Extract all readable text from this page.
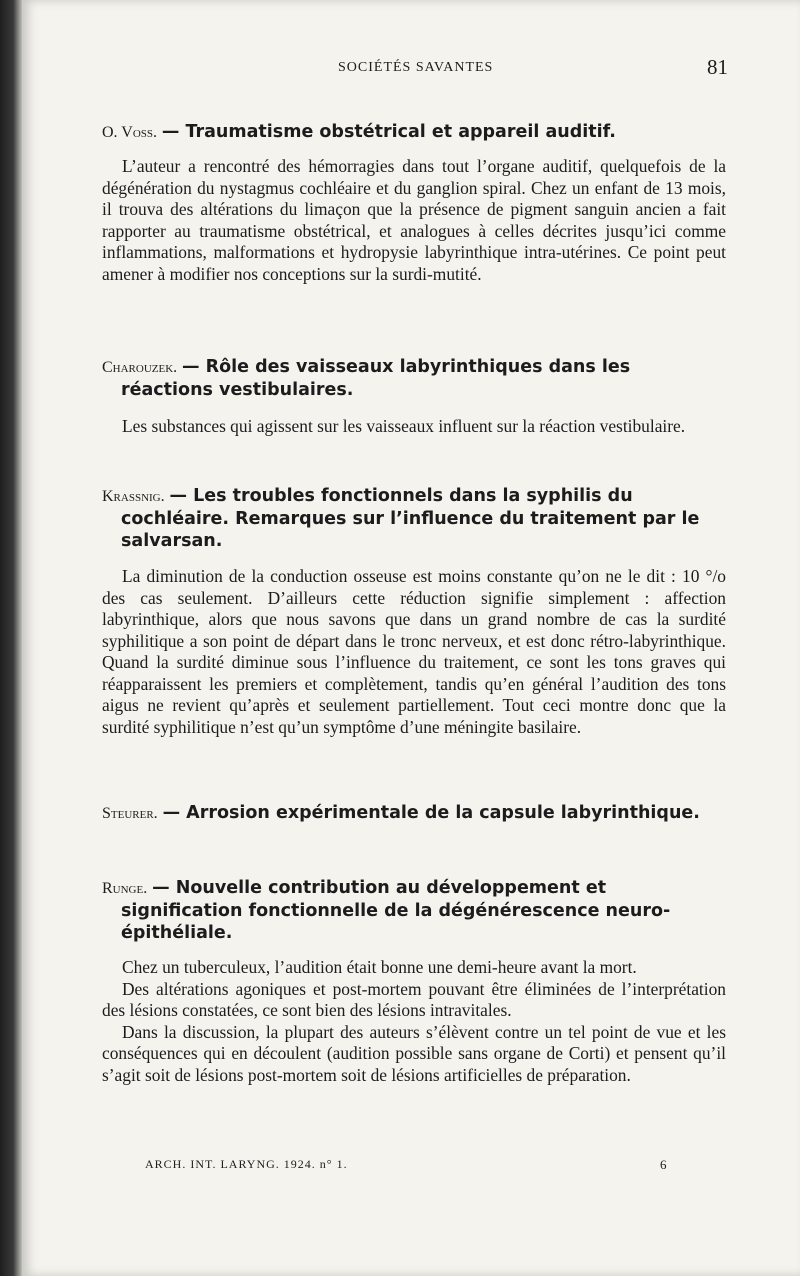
SOCIÉTÉS SAVANTES	81

O. Voss. — Traumatisme obstétrical et appareil auditif.

L’auteur a rencontré des hémorragies dans tout l’organe auditif, quelquefois de la dégénération du nystagmus cochléaire et du ganglion spiral. Chez un enfant de 13 mois, il trouva des altérations du limaçon que la présence de pigment sanguin ancien a fait rapporter au traumatisme obstétrical, et analogues à celles décrites jusqu’ici comme inflammations, malformations et hydropysie labyrinthique intra-utérines. Ce point peut amener à modifier nos conceptions sur la surdi-mutité.

Charouzek. — Rôle des vaisseaux labyrinthiques dans les réactions vestibulaires.

Les substances qui agissent sur les vaisseaux influent sur la réaction vestibulaire.

Krassnig. — Les troubles fonctionnels dans la syphilis du cochléaire. Remarques sur l’influence du traitement par le salvarsan.

La diminution de la conduction osseuse est moins constante qu’on ne le dit : 10 °/o des cas seulement. D’ailleurs cette réduction signifie simplement : affection labyrinthique, alors que nous savons que dans un grand nombre de cas la surdité syphilitique a son point de départ dans le tronc nerveux, et est donc rétro-labyrinthique. Quand la surdité diminue sous l’influence du traitement, ce sont les tons graves qui réapparaissent les premiers et complètement, tandis qu’en général l’audition des tons aigus ne revient qu’après et seulement partiellement. Tout ceci montre donc que la surdité syphilitique n’est qu’un symptôme d’une méningite basilaire.

Steurer. — Arrosion expérimentale de la capsule labyrinthique.

Runge. — Nouvelle contribution au développement et signification fonctionnelle de la dégénérescence neuro-épithéliale.

Chez un tuberculeux, l’audition était bonne une demi-heure avant la mort.

Des altérations agoniques et post-mortem pouvant être éliminées de l’interprétation des lésions constatées, ce sont bien des lésions intravitales.

Dans la discussion, la plupart des auteurs s’élèvent contre un tel point de vue et les conséquences qui en découlent (audition possible sans organe de Corti) et pensent qu’il s’agit soit de lésions post-mortem soit de lésions artificielles de préparation.

ARCH. INT. LARYNG. 1924. n° 1.	6
